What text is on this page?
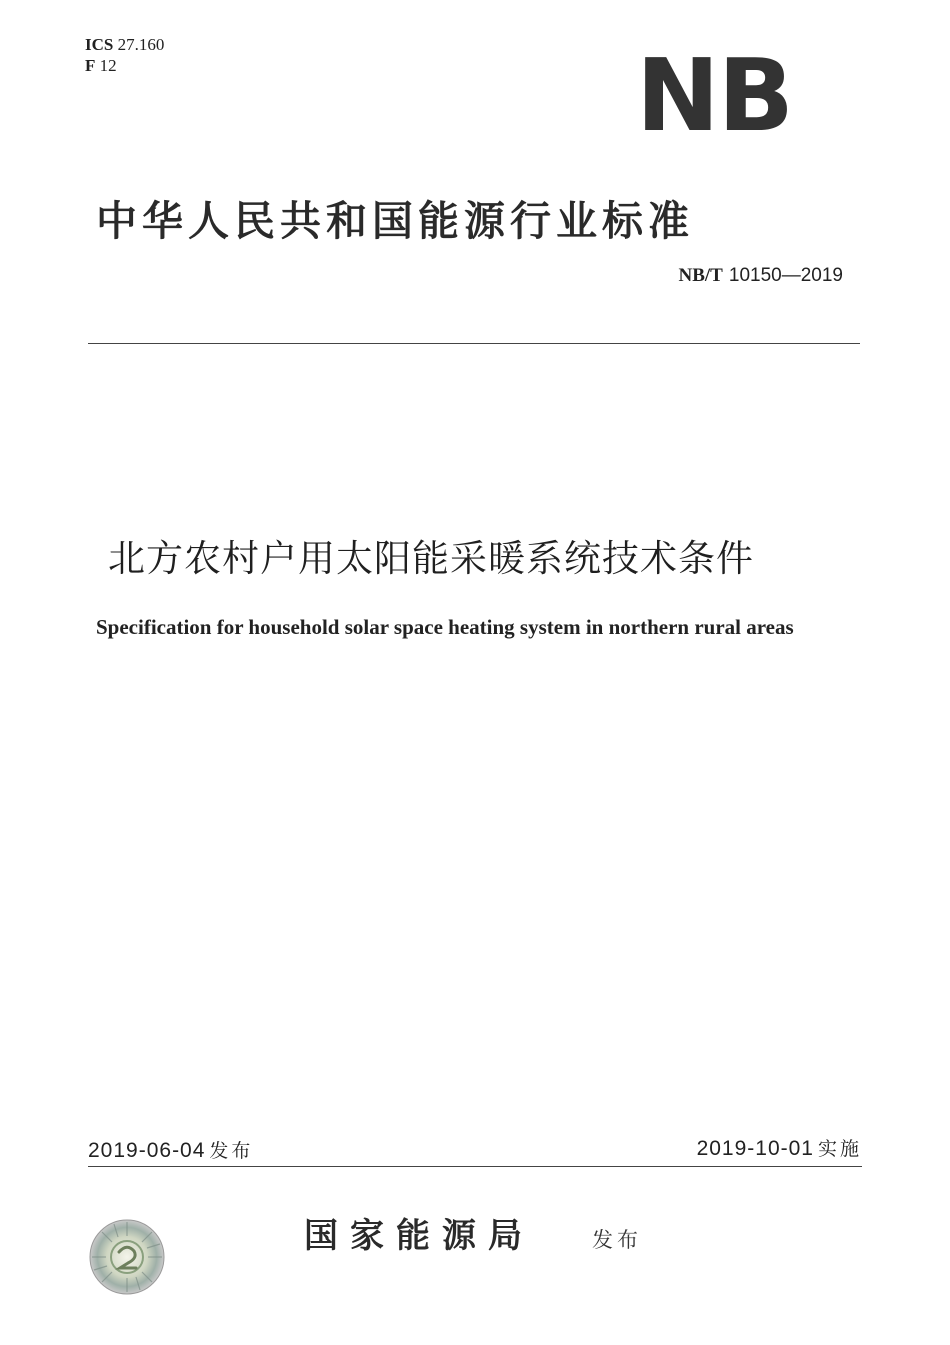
ICS 27.160
F 12	NB
中华人民共和国能源行业标准
NB/T 10150—2019
北方农村户用太阳能采暖系统技术条件
Specification for household solar space heating system in northern rural areas
2019-06-04 发布	2019-10-01 实施
国家能源局	发布
